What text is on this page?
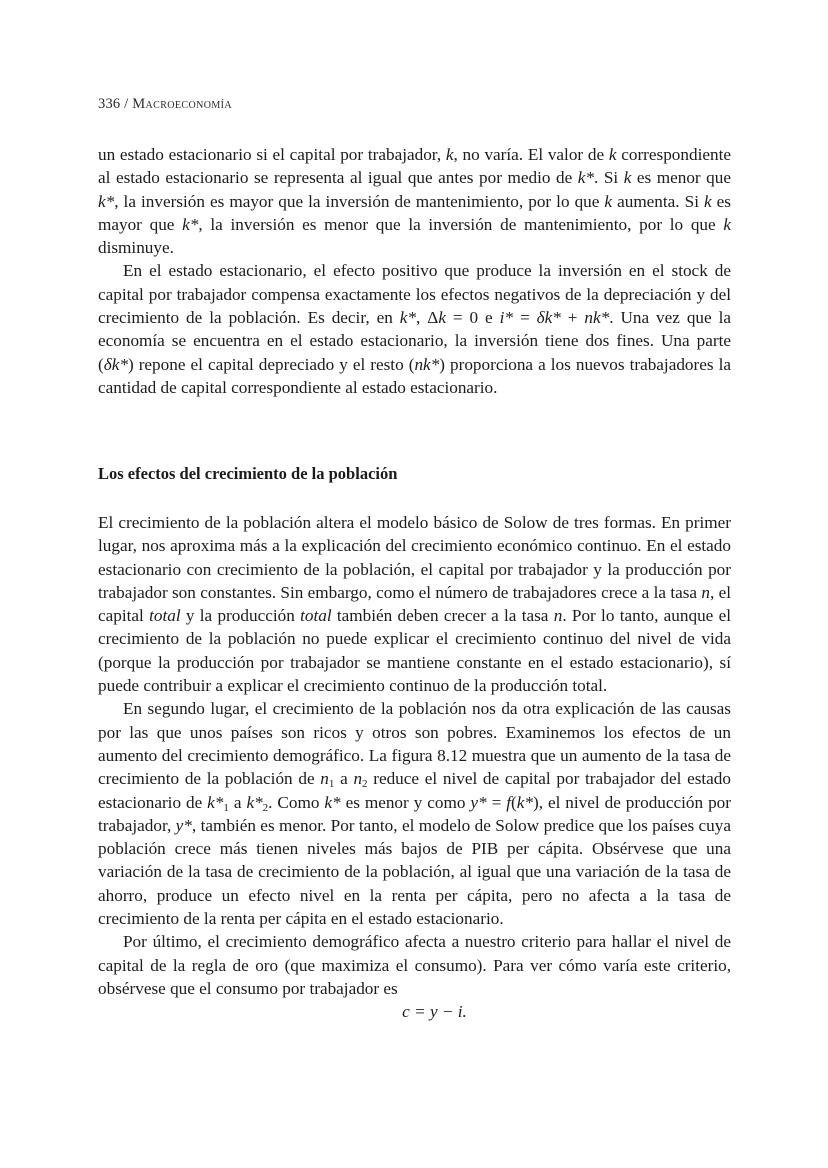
336 / Macroeconomía

un estado estacionario si el capital por trabajador, k, no varía. El valor de k correspondiente al estado estacionario se representa al igual que antes por medio de k*. Si k es menor que k*, la inversión es mayor que la inversión de mantenimiento, por lo que k aumenta. Si k es mayor que k*, la inversión es menor que la inversión de mantenimiento, por lo que k disminuye.

En el estado estacionario, el efecto positivo que produce la inversión en el stock de capital por trabajador compensa exactamente los efectos negativos de la depreciación y del crecimiento de la población. Es decir, en k*, Δk = 0 e i* = δk* + nk*. Una vez que la economía se encuentra en el estado estacionario, la inversión tiene dos fines. Una parte (δk*) repone el capital depreciado y el resto (nk*) proporciona a los nuevos trabajadores la cantidad de capital correspondiente al estado estacionario.

Los efectos del crecimiento de la población

El crecimiento de la población altera el modelo básico de Solow de tres formas. En primer lugar, nos aproxima más a la explicación del crecimiento económico continuo. En el estado estacionario con crecimiento de la población, el capital por trabajador y la producción por trabajador son constantes. Sin embargo, como el número de trabajadores crece a la tasa n, el capital total y la producción total también deben crecer a la tasa n. Por lo tanto, aunque el crecimiento de la población no puede explicar el crecimiento continuo del nivel de vida (porque la producción por trabajador se mantiene constante en el estado estacionario), sí puede contribuir a explicar el crecimiento continuo de la producción total.

En segundo lugar, el crecimiento de la población nos da otra explicación de las causas por las que unos países son ricos y otros son pobres. Examinemos los efectos de un aumento del crecimiento demográfico. La figura 8.12 muestra que un aumento de la tasa de crecimiento de la población de $n_1$ a $n_2$ reduce el nivel de capital por trabajador del estado estacionario de $k*_1$ a $k*_2$. Como k* es menor y como y* = f(k*), el nivel de producción por trabajador, y*, también es menor. Por tanto, el modelo de Solow predice que los países cuya población crece más tienen niveles más bajos de PIB per cápita. Obsérvese que una variación de la tasa de crecimiento de la población, al igual que una variación de la tasa de ahorro, produce un efecto nivel en la renta per cápita, pero no afecta a la tasa de crecimiento de la renta per cápita en el estado estacionario.

Por último, el crecimiento demográfico afecta a nuestro criterio para hallar el nivel de capital de la regla de oro (que maximiza el consumo). Para ver cómo varía este criterio, obsérvese que el consumo por trabajador es

c = y − i.
